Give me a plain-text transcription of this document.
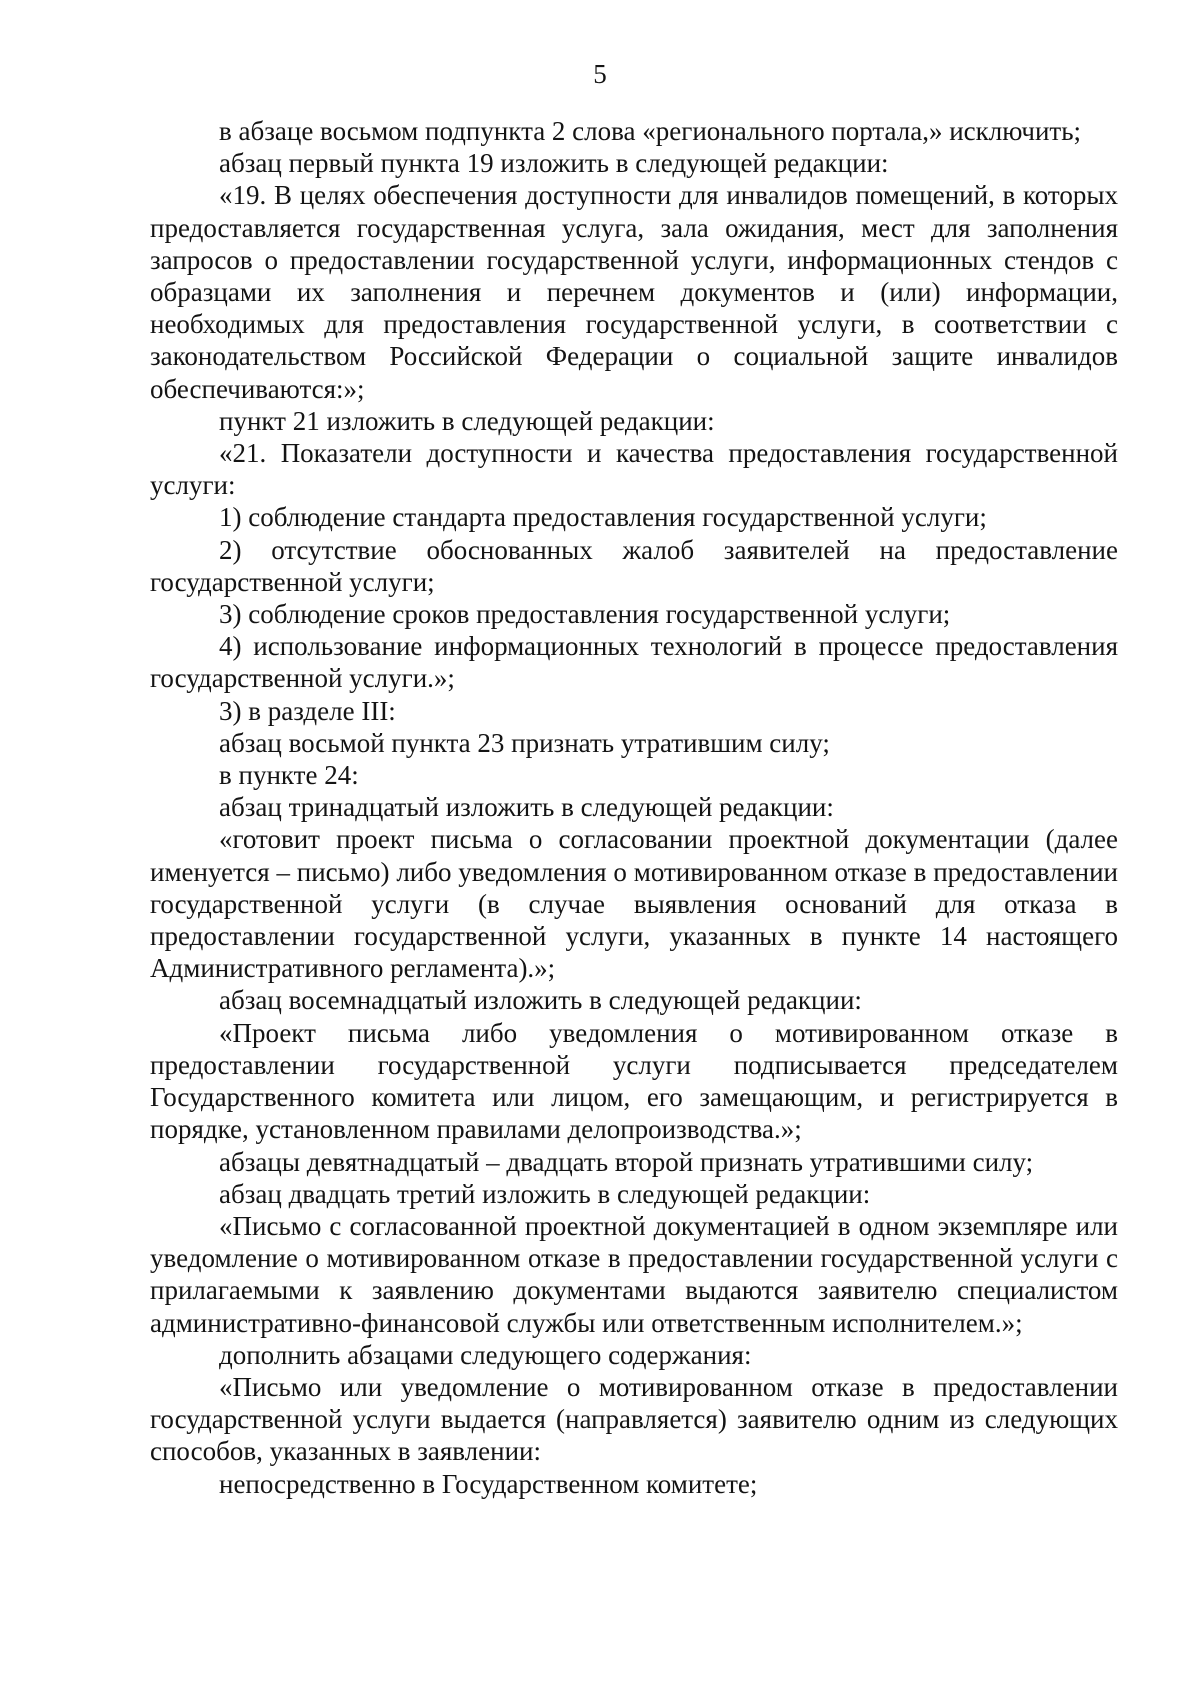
5

в абзаце восьмом подпункта 2 слова «регионального портала,» исключить;

абзац первый пункта 19 изложить в следующей редакции:

«19. В целях обеспечения доступности для инвалидов помещений, в которых предоставляется государственная услуга, зала ожидания, мест для заполнения запросов о предоставлении государственной услуги, информационных стендов с образцами их заполнения и перечнем документов и (или) информации, необходимых для предоставления государственной услуги, в соответствии с законодательством Российской Федерации о социальной защите инвалидов обеспечиваются:»;

пункт 21 изложить в следующей редакции:

«21. Показатели доступности и качества предоставления государственной услуги:

1) соблюдение стандарта предоставления государственной услуги;

2) отсутствие обоснованных жалоб заявителей на предоставление государственной услуги;

3) соблюдение сроков предоставления государственной услуги;

4) использование информационных технологий в процессе предоставления государственной услуги.»;

3) в разделе III:

абзац восьмой пункта 23 признать утратившим силу;

в пункте 24:

абзац тринадцатый изложить в следующей редакции:

«готовит проект письма о согласовании проектной документации (далее именуется – письмо) либо уведомления о мотивированном отказе в предоставлении государственной услуги (в случае выявления оснований для отказа в предоставлении государственной услуги, указанных в пункте 14 настоящего Административного регламента).»;

абзац восемнадцатый изложить в следующей редакции:

«Проект письма либо уведомления о мотивированном отказе в предоставлении государственной услуги подписывается председателем Государственного комитета или лицом, его замещающим, и регистрируется в порядке, установленном правилами делопроизводства.»;

абзацы девятнадцатый – двадцать второй признать утратившими силу;

абзац двадцать третий изложить в следующей редакции:

«Письмо с согласованной проектной документацией в одном экземпляре или уведомление о мотивированном отказе в предоставлении государственной услуги с прилагаемыми к заявлению документами выдаются заявителю специалистом административно-финансовой службы или ответственным исполнителем.»;

дополнить абзацами следующего содержания:

«Письмо или уведомление о мотивированном отказе в предоставлении государственной услуги выдается (направляется) заявителю одним из следующих способов, указанных в заявлении:

непосредственно в Государственном комитете;
